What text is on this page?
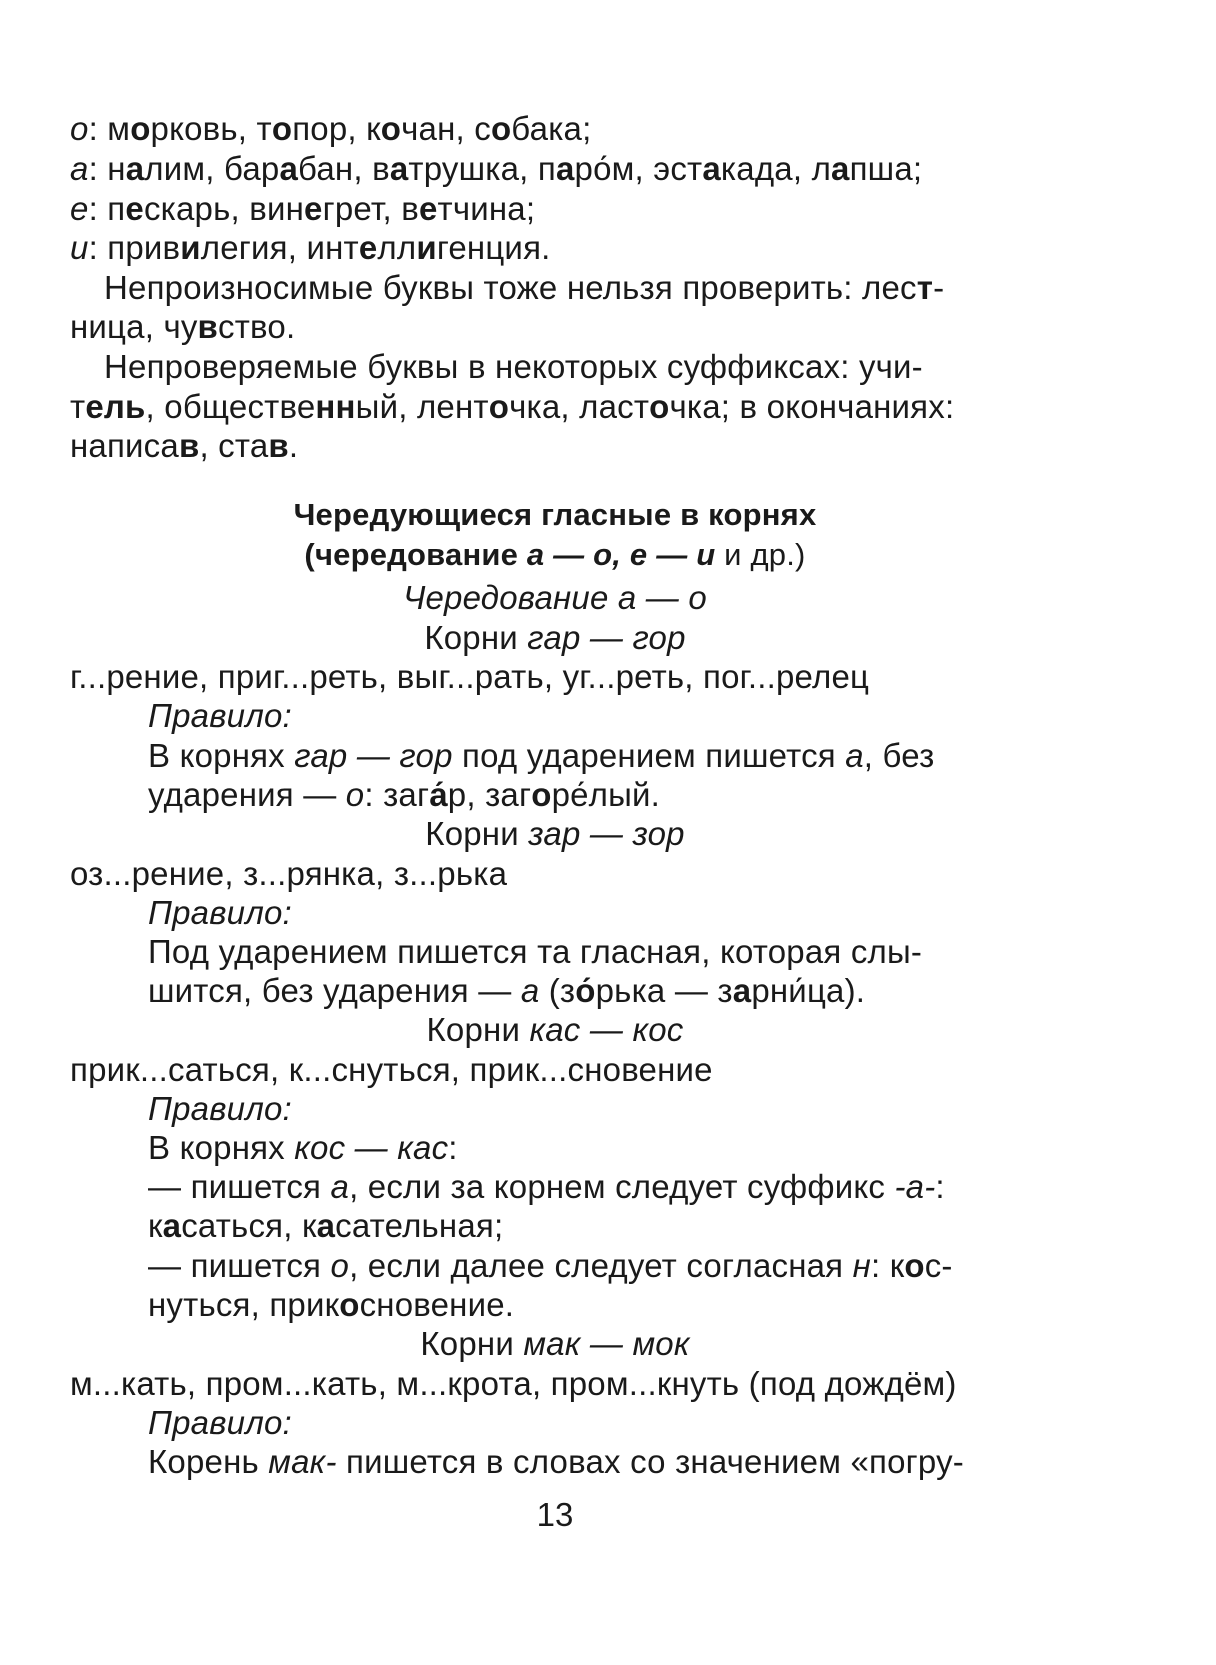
о: морковь, топор, кочан, собака;
а: налим, барабан, ватрушка, паро́м, эстакада, лапша;
е: пескарь, винегрет, ветчина;
и: привилегия, интеллигенция.
Непроизносимые буквы тоже нельзя проверить: лест-
ница, чувство.
Непроверяемые буквы в некоторых суффиксах: учи-
тель, общественный, ленточка, ласточка; в окончаниях:
написав, став.
Чередующиеся гласные в корнях
(чередование а — о, е — и и др.)
Чередование а — о
Корни гар — гор
г...рение, приг...реть, выг...рать, уг...реть, пог...релец
Правило:
В корнях гар — гор под ударением пишется а, без
ударения — о: зага́р, загоре́лый.
Корни зар — зор
оз...рение, з...рянка, з...рька
Правило:
Под ударением пишется та гласная, которая слы-
шится, без ударения — а (зо́рька — зарни́ца).
Корни кас — кос
прик...саться, к...снуться, прик...сновение
Правило:
В корнях кос — кас:
— пишется а, если за корнем следует суффикс -а-:
касаться, касательная;
— пишется о, если далее следует согласная н: кос-
нуться, прикосновение.
Корни мак — мок
м...кать, пром...кать, м...крота, пром...кнуть (под дождём)
Правило:
Корень мак- пишется в словах со значением «погру-
13
